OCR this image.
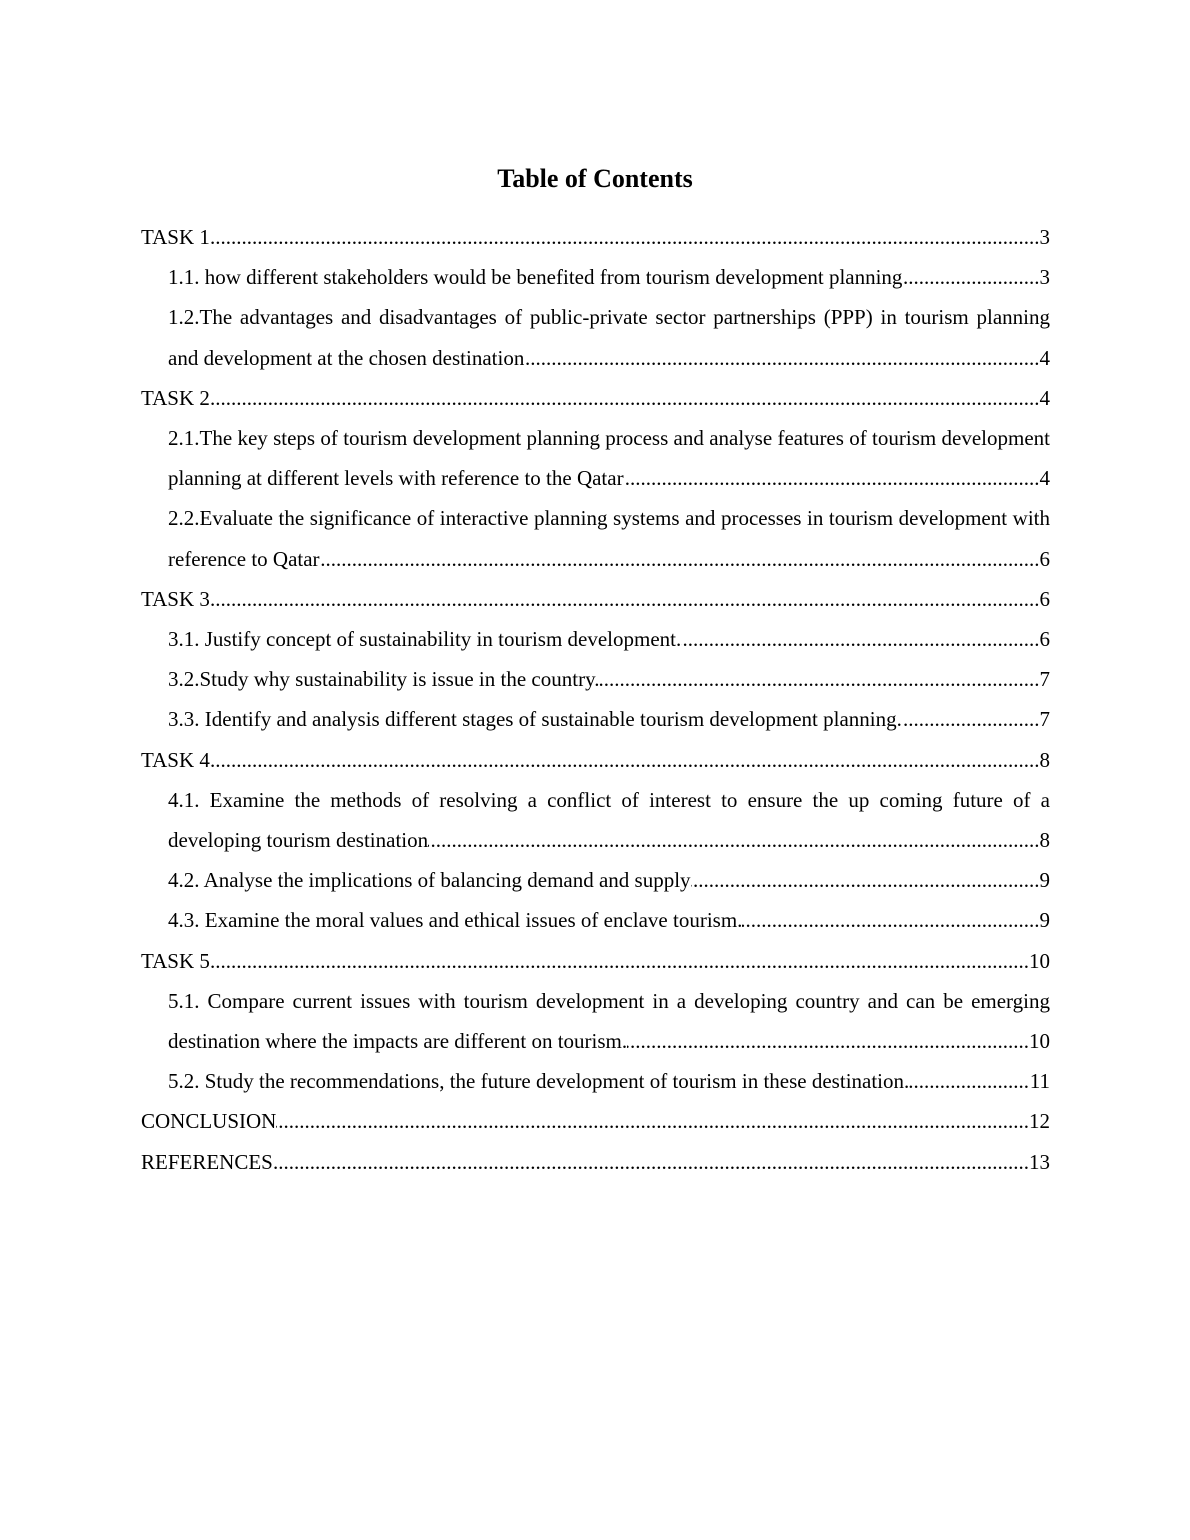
Table of Contents
.....
TASK 1	3
.....
1.1. how different stakeholders would be benefited from tourism development planning	3
.....
1.2.The advantages and disadvantages of public-private sector partnerships (PPP) in tourism planning and development at the chosen destination	4
.....
TASK 2	4
.....
2.1.The key steps of tourism development planning process and analyse features of tourism development planning at different levels with reference to the Qatar	4
.....
2.2.Evaluate the significance of interactive planning systems and processes in tourism development with reference to Qatar	6
.....
TASK 3	6
.....
3.1. Justify concept of sustainability in tourism development.	6
.....
3.2.Study why sustainability is issue in the country.	7
.....
3.3. Identify and analysis different stages of sustainable tourism development planning.	7
.....
TASK 4	8
.....
4.1. Examine the methods of resolving a conflict of interest to ensure the up coming future of a developing tourism destination	8
.....
4.2. Analyse the implications of balancing demand and supply	9
.....
4.3. Examine the moral values and ethical issues of enclave tourism.	9
.....
TASK 5	10
.....
5.1. Compare current issues with tourism development in a developing country and can be emerging destination where the impacts are different on tourism.	10
.....
5.2. Study the recommendations, the future development of tourism in these destination.	11
.....
CONCLUSION	12
.....
REFERENCES	13
